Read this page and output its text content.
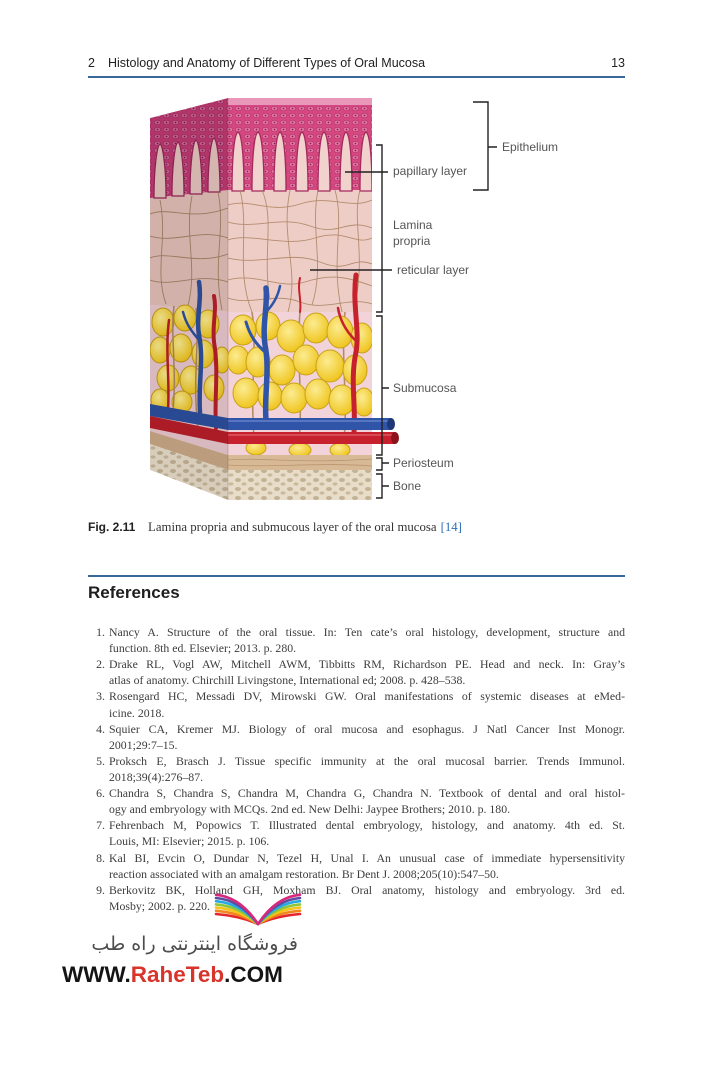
2 Histology and Anatomy of Different Types of Oral Mucosa	13
Epithelium
papillary layer
Lamina
propria
reticular layer
Submucosa
Periosteum
Bone
Fig. 2.11 Lamina propria and submucous layer of the oral mucosa [14]
References
1. Nancy A. Structure of the oral tissue. In: Ten cate’s oral histology, development, structure and
function. 8th ed. Elsevier; 2013. p. 280.
2. Drake RL, Vogl AW, Mitchell AWM, Tibbitts RM, Richardson PE. Head and neck. In: Gray’s
atlas of anatomy. Chirchill Livingstone, International ed; 2008. p. 428–538.
3. Rosengard HC, Messadi DV, Mirowski GW. Oral manifestations of systemic diseases at eMed-
icine. 2018.
4. Squier CA, Kremer MJ. Biology of oral mucosa and esophagus. J Natl Cancer Inst Monogr.
2001;29:7–15.
5. Proksch E, Brasch J. Tissue specific immunity at the oral mucosal barrier. Trends Immunol.
2018;39(4):276–87.
6. Chandra S, Chandra S, Chandra M, Chandra G, Chandra N. Textbook of dental and oral histol-
ogy and embryology with MCQs. 2nd ed. New Delhi: Jaypee Brothers; 2010. p. 180.
7. Fehrenbach M, Popowics T. Illustrated dental embryology, histology, and anatomy. 4th ed. St.
Louis, MI: Elsevier; 2015. p. 106.
8. Kal BI, Evcin O, Dundar N, Tezel H, Unal I. An unusual case of immediate hypersensitivity
reaction associated with an amalgam restoration. Br Dent J. 2008;205(10):547–50.
9. Berkovitz BK, Holland GH, Moxham BJ. Oral anatomy, histology and embryology. 3rd ed.
Mosby; 2002. p. 220.
فروشگاه اینترنتی راه طب
WWW.RaheTeb.COM
